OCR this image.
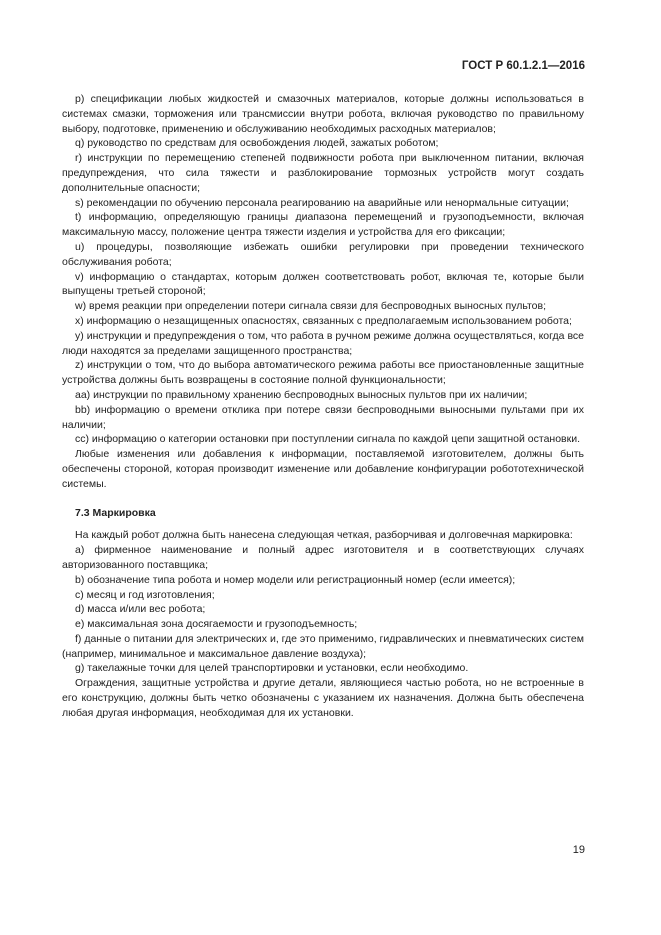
ГОСТ Р 60.1.2.1—2016

р) спецификации любых жидкостей и смазочных материалов, которые должны использоваться в системах смазки, торможения или трансмиссии внутри робота, включая руководство по правильному выбору, подготовке, применению и обслуживанию необходимых расходных материалов;

q) руководство по средствам для освобождения людей, зажатых роботом;

r) инструкции по перемещению степеней подвижности робота при выключенном питании, включая предупреждения, что сила тяжести и разблокирование тормозных устройств могут создать дополнительные опасности;

s) рекомендации по обучению персонала реагированию на аварийные или ненормальные ситуации;

t) информацию, определяющую границы диапазона перемещений и грузоподъемности, включая максимальную массу, положение центра тяжести изделия и устройства для его фиксации;

u) процедуры, позволяющие избежать ошибки регулировки при проведении технического обслуживания робота;

v) информацию о стандартах, которым должен соответствовать робот, включая те, которые были выпущены третьей стороной;

w) время реакции при определении потери сигнала связи для беспроводных выносных пультов;

x) информацию о незащищенных опасностях, связанных с предполагаемым использованием робота;

y) инструкции и предупреждения о том, что работа в ручном режиме должна осуществляться, когда все люди находятся за пределами защищенного пространства;

z) инструкции о том, что до выбора автоматического режима работы все приостановленные защитные устройства должны быть возвращены в состояние полной функциональности;

aa) инструкции по правильному хранению беспроводных выносных пультов при их наличии;

bb) информацию о времени отклика при потере связи беспроводными выносными пультами при их наличии;

cc) информацию о категории остановки при поступлении сигнала по каждой цепи защитной остановки.

Любые изменения или добавления к информации, поставляемой изготовителем, должны быть обеспечены стороной, которая производит изменение или добавление конфигурации робототехнической системы.

7.3 Маркировка

На каждый робот должна быть нанесена следующая четкая, разборчивая и долговечная маркировка:

a) фирменное наименование и полный адрес изготовителя и в соответствующих случаях авторизованного поставщика;

b) обозначение типа робота и номер модели или регистрационный номер (если имеется);

c) месяц и год изготовления;

d) масса и/или вес робота;

e) максимальная зона досягаемости и грузоподъемность;

f) данные о питании для электрических и, где это применимо, гидравлических и пневматических систем (например, минимальное и максимальное давление воздуха);

g) такелажные точки для целей транспортировки и установки, если необходимо.

Ограждения, защитные устройства и другие детали, являющиеся частью робота, но не встроенные в его конструкцию, должны быть четко обозначены с указанием их назначения. Должна быть обеспечена любая другая информация, необходимая для их установки.

19
